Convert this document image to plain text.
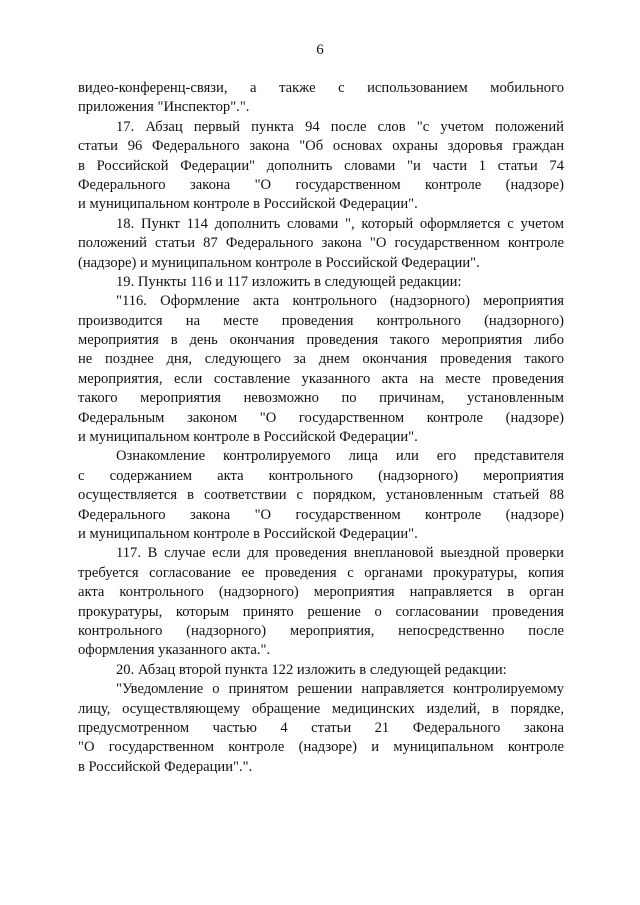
6
видео-конференц-связи, а также с использованием мобильного
приложения "Инспектор".".
17. Абзац первый пункта 94 после слов "с учетом положений
статьи 96 Федерального закона "Об основах охраны здоровья граждан
в Российской Федерации" дополнить словами "и части 1 статьи 74
Федерального закона "О государственном контроле (надзоре)
и муниципальном контроле в Российской Федерации".
18. Пункт 114 дополнить словами ", который оформляется с учетом
положений статьи 87 Федерального закона "О государственном контроле
(надзоре) и муниципальном контроле в Российской Федерации".
19. Пункты 116 и 117 изложить в следующей редакции:
"116. Оформление акта контрольного (надзорного) мероприятия
производится на месте проведения контрольного (надзорного)
мероприятия в день окончания проведения такого мероприятия либо
не позднее дня, следующего за днем окончания проведения такого
мероприятия, если составление указанного акта на месте проведения
такого мероприятия невозможно по причинам, установленным
Федеральным законом "О государственном контроле (надзоре)
и муниципальном контроле в Российской Федерации".
Ознакомление контролируемого лица или его представителя
с содержанием акта контрольного (надзорного) мероприятия
осуществляется в соответствии с порядком, установленным статьей 88
Федерального закона "О государственном контроле (надзоре)
и муниципальном контроле в Российской Федерации".
117. В случае если для проведения внеплановой выездной проверки
требуется согласование ее проведения с органами прокуратуры, копия
акта контрольного (надзорного) мероприятия направляется в орган
прокуратуры, которым принято решение о согласовании проведения
контрольного (надзорного) мероприятия, непосредственно после
оформления указанного акта.".
20. Абзац второй пункта 122 изложить в следующей редакции:
"Уведомление о принятом решении направляется контролируемому
лицу, осуществляющему обращение медицинских изделий, в порядке,
предусмотренном частью 4 статьи 21 Федерального закона
"О государственном контроле (надзоре) и муниципальном контроле
в Российской Федерации".".
